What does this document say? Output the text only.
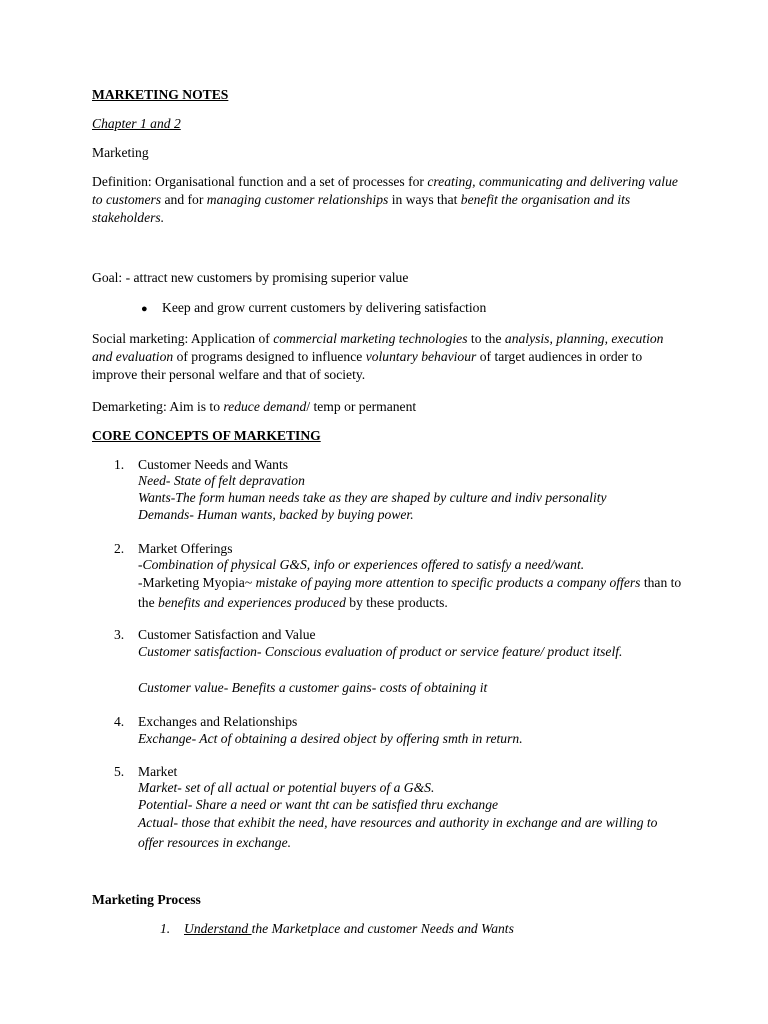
MARKETING NOTES
Chapter 1 and 2
Marketing
Definition: Organisational function and a set of processes for creating, communicating and delivering value to customers and for managing customer relationships in ways that benefit the organisation and its stakeholders.
Goal: - attract new customers by promising superior value
● Keep and grow current customers by delivering satisfaction
Social marketing: Application of commercial marketing technologies to the analysis, planning, execution and evaluation of programs designed to influence voluntary behaviour of target audiences in order to improve their personal welfare and that of society.
Demarketing: Aim is to reduce demand/ temp or permanent
CORE CONCEPTS OF MARKETING
1. Customer Needs and Wants
Need- State of felt depravation
Wants-The form human needs take as they are shaped by culture and indiv personality
Demands- Human wants, backed by buying power.
2. Market Offerings
-Combination of physical G&S, info or experiences offered to satisfy a need/want.
-Marketing Myopia~ mistake of paying more attention to specific products a company offers than to the benefits and experiences produced by these products.
3. Customer Satisfaction and Value
Customer satisfaction- Conscious evaluation of product or service feature/ product itself.
Customer value- Benefits a customer gains- costs of obtaining it
4. Exchanges and Relationships
Exchange- Act of obtaining a desired object by offering smth in return.
5. Market
Market- set of all actual or potential buyers of a G&S.
Potential- Share a need or want tht can be satisfied thru exchange
Actual- those that exhibit the need, have resources and authority in exchange and are willing to offer resources in exchange.
Marketing Process
1. Understand the Marketplace and customer Needs and Wants
